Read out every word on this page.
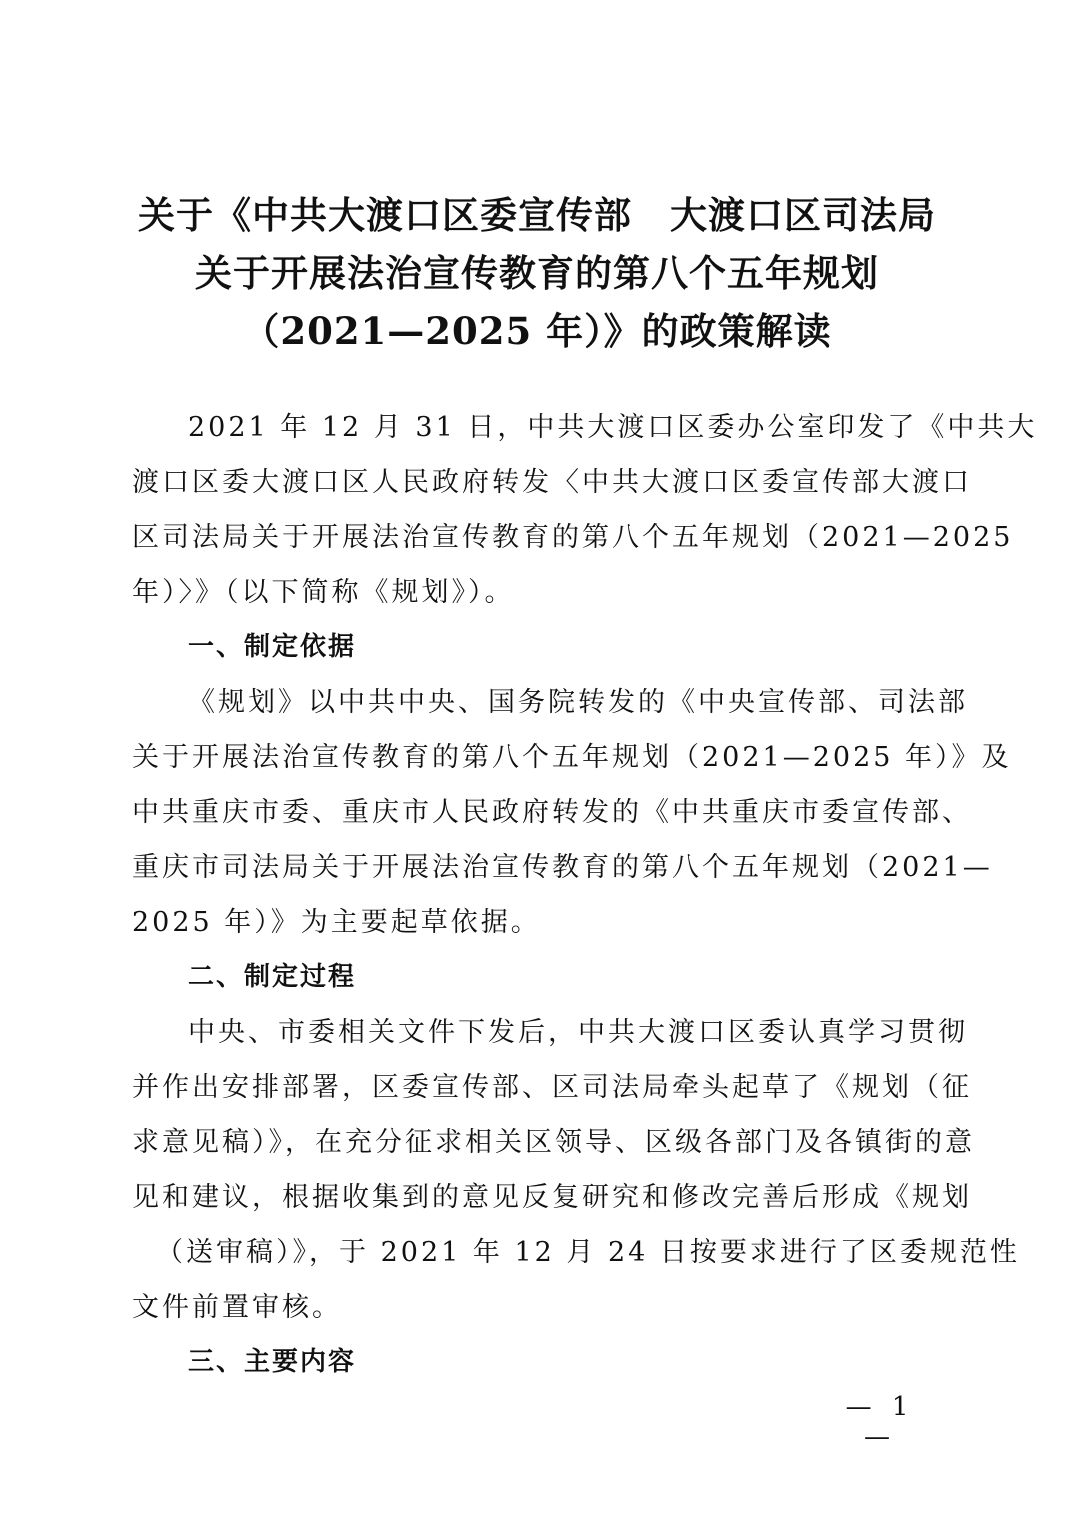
关于《中共大渡口区委宣传部　大渡口区司法局
关于开展法治宣传教育的第八个五年规划
（2021—2025 年）》的政策解读
2021 年 12 月 31 日，中共大渡口区委办公室印发了《中共大
渡口区委大渡口区人民政府转发〈中共大渡口区委宣传部大渡口
区司法局关于开展法治宣传教育的第八个五年规划（2021—2025
年）〉》（以下简称《规划》）。
一、制定依据
《规划》以中共中央、国务院转发的《中央宣传部、司法部
关于开展法治宣传教育的第八个五年规划（2021—2025 年）》及
中共重庆市委、重庆市人民政府转发的《中共重庆市委宣传部、
重庆市司法局关于开展法治宣传教育的第八个五年规划（2021—
2025 年）》为主要起草依据。
二、制定过程
中央、市委相关文件下发后，中共大渡口区委认真学习贯彻
并作出安排部署，区委宣传部、区司法局牵头起草了《规划（征
求意见稿）》，在充分征求相关区领导、区级各部门及各镇街的意
见和建议，根据收集到的意见反复研究和修改完善后形成《规划
（送审稿）》，于 2021 年 12 月 24 日按要求进行了区委规范性
文件前置审核。
三、主要内容
— 1 —
